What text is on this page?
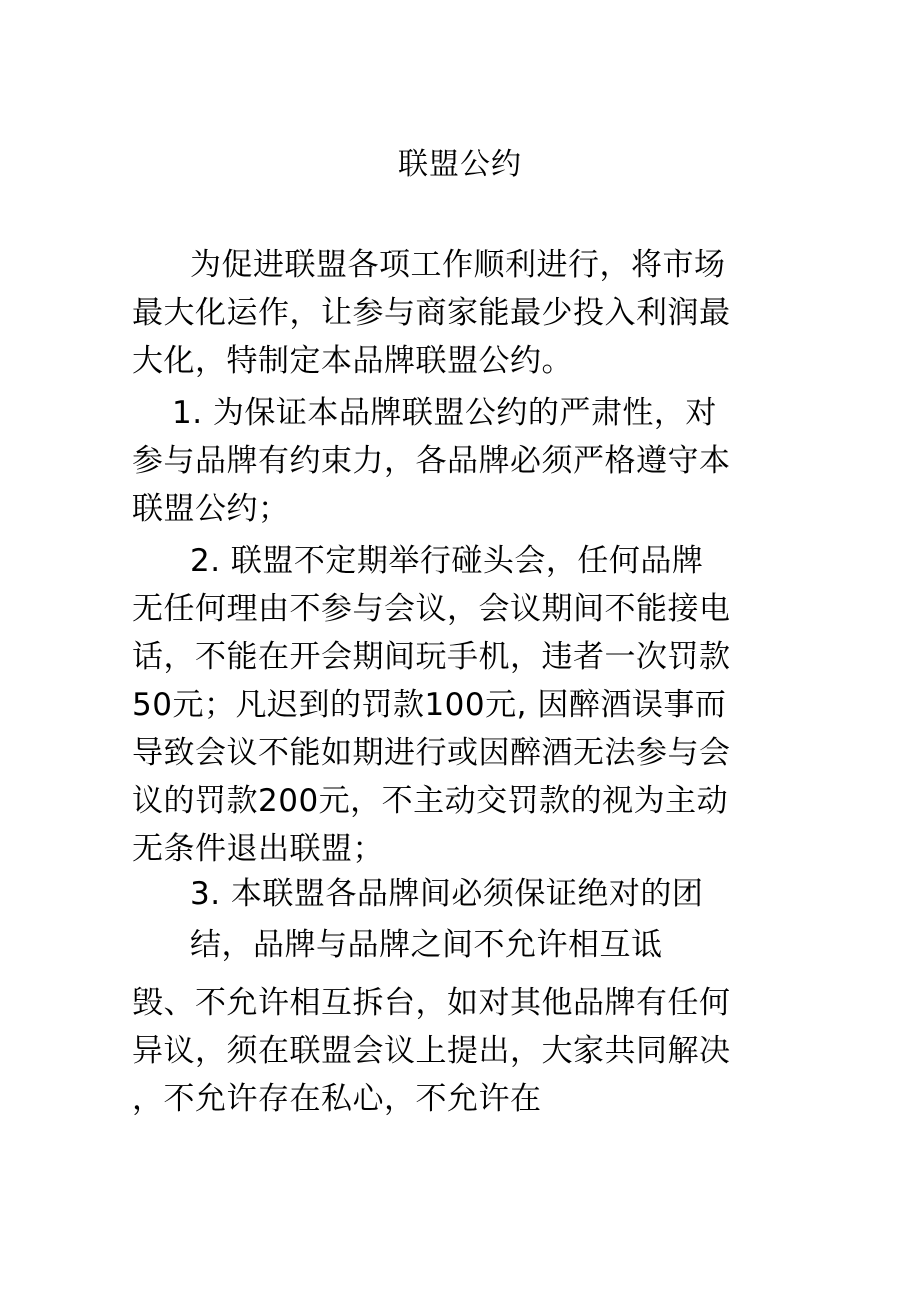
联盟公约
为促进联盟各项工作顺利进行，将市场
最大化运作，让参与商家能最少投入利润最
大化，特制定本品牌联盟公约。
1. 为保证本品牌联盟公约的严肃性，对
参与品牌有约束力，各品牌必须严格遵守本
联盟公约；
2. 联盟不定期举行碰头会，任何品牌
无任何理由不参与会议，会议期间不能接电
话，不能在开会期间玩手机，违者一次罚款
50元；凡迟到的罚款100元, 因醉酒误事而
导致会议不能如期进行或因醉酒无法参与会
议的罚款200元，不主动交罚款的视为主动
无条件退出联盟；
3. 本联盟各品牌间必须保证绝对的团
结，品牌与品牌之间不允许相互诋
毁、不允许相互拆台，如对其他品牌有任何
异议，须在联盟会议上提出，大家共同解决
，不允许存在私心，不允许在
